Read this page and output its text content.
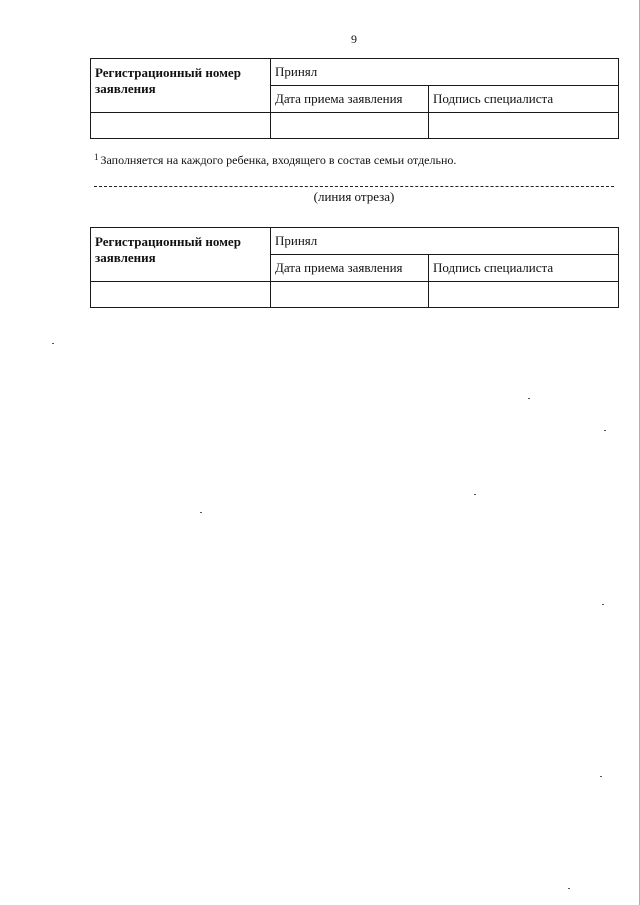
9
Регистрационный номер заявления	Принял	
	Дата приема заявления	Подпись специалиста

$^1$ Заполняется на каждого ребенка, входящего в состав семьи отдельно.
(линия отреза)
Регистрационный номер заявления	Принял	
	Дата приема заявления	Подпись специалиста
